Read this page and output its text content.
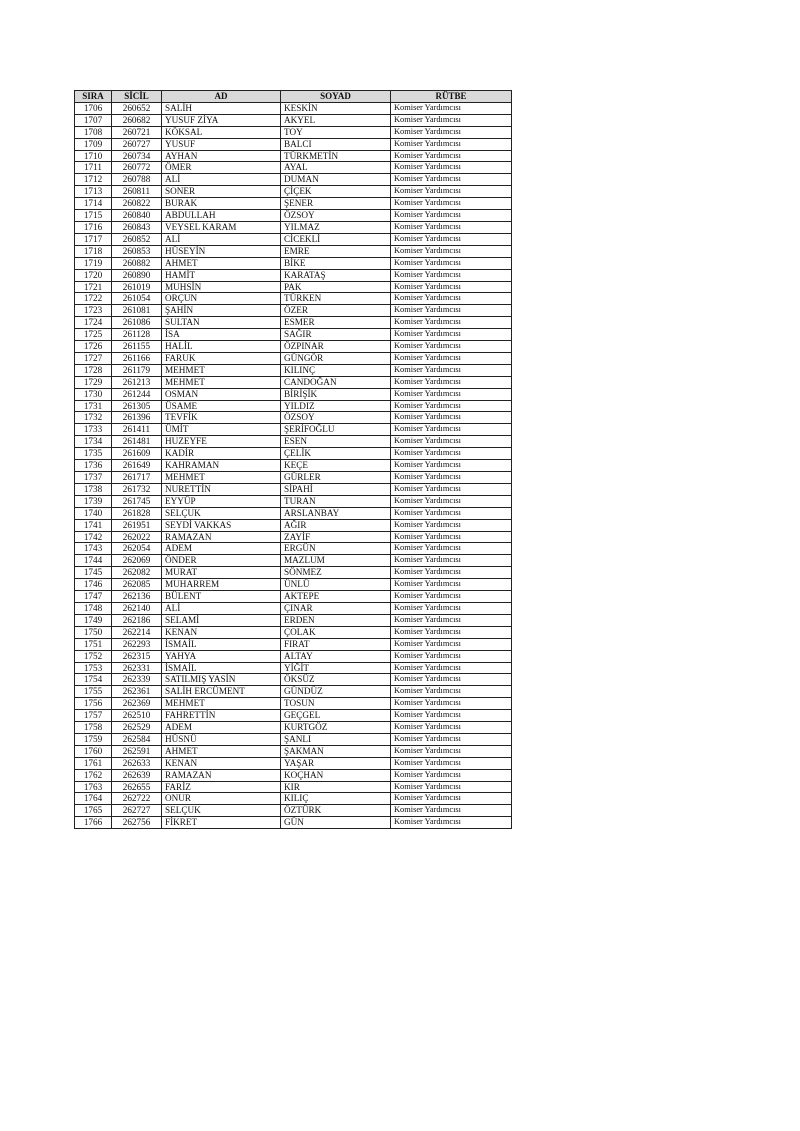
SIRA	SİCİL	AD	SOYAD	RÜTBE
1706	260652	SALİH	KESKİN	Komiser Yardımcısı
1707	260682	YUSUF ZİYA	AKYEL	Komiser Yardımcısı
1708	260721	KÖKSAL	TOY	Komiser Yardımcısı
1709	260727	YUSUF	BALCI	Komiser Yardımcısı
1710	260734	AYHAN	TÜRKMETİN	Komiser Yardımcısı
1711	260772	ÖMER	AYAL	Komiser Yardımcısı
1712	260788	ALİ	DUMAN	Komiser Yardımcısı
1713	260811	SONER	ÇİÇEK	Komiser Yardımcısı
1714	260822	BURAK	ŞENER	Komiser Yardımcısı
1715	260840	ABDULLAH	ÖZSOY	Komiser Yardımcısı
1716	260843	VEYSEL KARAM	YILMAZ	Komiser Yardımcısı
1717	260852	ALİ	CİCEKLİ	Komiser Yardımcısı
1718	260853	HÜSEYİN	EMRE	Komiser Yardımcısı
1719	260882	AHMET	BİKE	Komiser Yardımcısı
1720	260890	HAMİT	KARATAŞ	Komiser Yardımcısı
1721	261019	MUHSİN	PAK	Komiser Yardımcısı
1722	261054	ORÇUN	TÜRKEN	Komiser Yardımcısı
1723	261081	ŞAHİN	ÖZER	Komiser Yardımcısı
1724	261086	SULTAN	ESMER	Komiser Yardımcısı
1725	261128	İSA	SAĞIR	Komiser Yardımcısı
1726	261155	HALİL	ÖZPINAR	Komiser Yardımcısı
1727	261166	FARUK	GÜNGÖR	Komiser Yardımcısı
1728	261179	MEHMET	KILINÇ	Komiser Yardımcısı
1729	261213	MEHMET	CANDOĞAN	Komiser Yardımcısı
1730	261244	OSMAN	BİRİŞİK	Komiser Yardımcısı
1731	261305	ÜSAME	YILDIZ	Komiser Yardımcısı
1732	261396	TEVFİK	ÖZSOY	Komiser Yardımcısı
1733	261411	ÜMİT	ŞERİFOĞLU	Komiser Yardımcısı
1734	261481	HUZEYFE	ESEN	Komiser Yardımcısı
1735	261609	KADİR	ÇELİK	Komiser Yardımcısı
1736	261649	KAHRAMAN	KEÇE	Komiser Yardımcısı
1737	261717	MEHMET	GÜRLER	Komiser Yardımcısı
1738	261732	NURETTİN	SİPAHİ	Komiser Yardımcısı
1739	261745	EYYÜP	TURAN	Komiser Yardımcısı
1740	261828	SELÇUK	ARSLANBAY	Komiser Yardımcısı
1741	261951	SEYDİ VAKKAS	AĞIR	Komiser Yardımcısı
1742	262022	RAMAZAN	ZAYİF	Komiser Yardımcısı
1743	262054	ADEM	ERGÜN	Komiser Yardımcısı
1744	262069	ÖNDER	MAZLUM	Komiser Yardımcısı
1745	262082	MURAT	SÖNMEZ	Komiser Yardımcısı
1746	262085	MUHARREM	ÜNLÜ	Komiser Yardımcısı
1747	262136	BÜLENT	AKTEPE	Komiser Yardımcısı
1748	262140	ALİ	ÇINAR	Komiser Yardımcısı
1749	262186	SELAMİ	ERDEN	Komiser Yardımcısı
1750	262214	KENAN	ÇOLAK	Komiser Yardımcısı
1751	262293	İSMAİL	FIRAT	Komiser Yardımcısı
1752	262315	YAHYA	ALTAY	Komiser Yardımcısı
1753	262331	İSMAİL	YİĞİT	Komiser Yardımcısı
1754	262339	SATILMIŞ YASİN	ÖKSÜZ	Komiser Yardımcısı
1755	262361	SALİH ERCÜMENT	GÜNDÜZ	Komiser Yardımcısı
1756	262369	MEHMET	TOSUN	Komiser Yardımcısı
1757	262510	FAHRETTİN	GEÇGEL	Komiser Yardımcısı
1758	262529	ADEM	KURTGÖZ	Komiser Yardımcısı
1759	262584	HÜSNÜ	ŞANLI	Komiser Yardımcısı
1760	262591	AHMET	ŞAKMAN	Komiser Yardımcısı
1761	262633	KENAN	YAŞAR	Komiser Yardımcısı
1762	262639	RAMAZAN	KOÇHAN	Komiser Yardımcısı
1763	262655	FARİZ	KIR	Komiser Yardımcısı
1764	262722	ONUR	KILIÇ	Komiser Yardımcısı
1765	262727	SELÇUK	ÖZTÜRK	Komiser Yardımcısı
1766	262756	FİKRET	GÜN	Komiser Yardımcısı
